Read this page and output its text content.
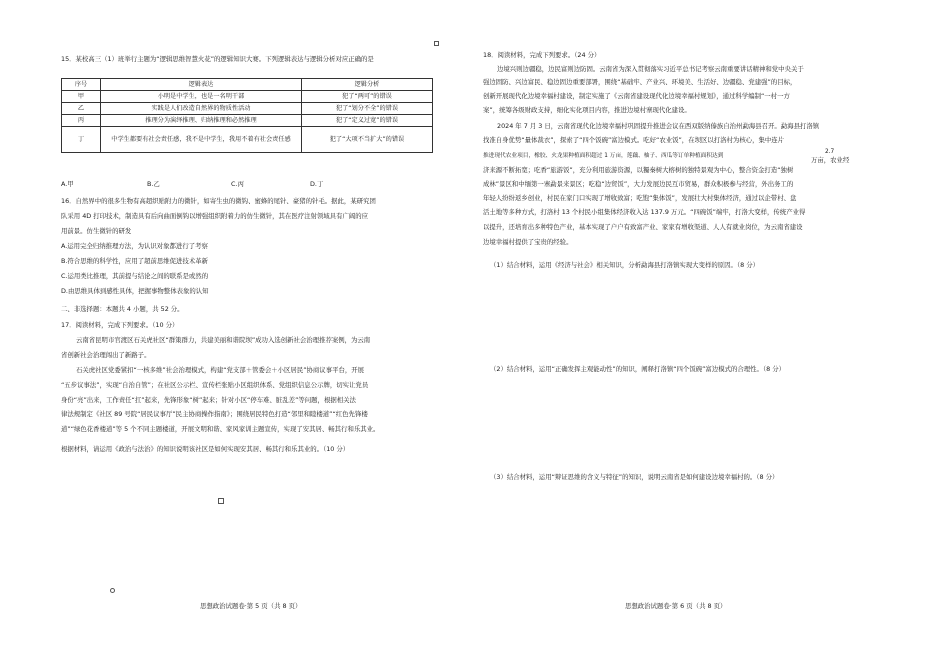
15．某校高三（1）班举行主题为“逻辑思维智慧火花”的逻辑知识大赛。下列逻辑表达与逻辑分析对应正确的是
序号	逻辑表达	逻辑分析
甲	小明是中学生，也是一名明干部	犯了“两可”的错误
乙	实践是人们改造自然界的物质性活动	犯了“划分不全”的错误
丙	推理分为演绎推理、归纳推理和必然推理	犯了“定义过宽”的错误
丁	中学生都要有社会责任感，我不是中学生，我用不着有社会责任感	犯了“大项不当扩大”的错误
A.甲	B.乙	C.丙	D.丁
16．自然界中的很多生物有高超织贴附力的微针，如寄生虫的微钩、蜜蜂的尾针、豪猪的针毛。据此，某研究团
队采用 4D 打印技术，制造具有后向曲面倒钩以增强组织附着力的仿生微针，其在医疗注射领域具有广阔的应
用前景。仿生微针的研发
A.运用完全归纳推理方法，为认识对象都进行了考察
B.符合思维的科学性，应用了超前思维促进技术革新
C.运用类比推理，其前提与结论之间的联系是或然的
D.由思维具体到感性具体，把握事物整体表象的认知
二、非选择题：本题共 4 小题，共 52 分。
17．阅读材料，完成下列要求。（10 分）
云南省昆明市官渡区石关虎社区“群策群力，共建美丽和谐院坝”成功入选创新社会治理推荐案例，为云南
省创新社会治理闯出了新路子。
石关虎社区党委紧扣“一核多维”社会治理模式，构建“党支部＋管委会＋小区居民”协商议事平台，开展
“五步议事法”，实现“自治自管”；在社区公示栏、宣传栏张贴小区组织体系、党组织信息公示牌，切实让党员
身份“亮”出来，工作责任“扛”起来，先锋形象“树”起来；针对小区“停车难、脏乱差”等问题，根据相关法
律法规制定《社区 89 号院“居民议事厅”民主协商操作指南》；围绕居民特色打造“邻里和睦楼道”“红色先锋楼
道”“绿色花香楼道”等 5 个不同主题楼道，开展文明和谐、家风家训主题宣传，实现了安其居、畅其行和乐其业。
根据材料，请运用《政治与法治》的知识说明该社区是如何实现安其居、畅其行和乐其业的。（10 分）
思想政治试题卷·第 5 页（共 8 页）
18．阅读材料，完成下列要求。（24 分）
边境兴则边疆稳，边民富则边防固。云南省为深入贯彻落实习近平总书记考察云南重要讲话精神和党中央关于
强边固防、兴边富民、稳边固边重要部署，围绕“基础牢、产业兴、环境美、生活好、边疆稳、党建强”的目标，
创新开展现代化边境幸福村建设，制定实施了《云南省建设现代化边境幸福村规划》，通过科学编制“一村一方
案”，统筹各级财政支持，细化实化项目内容，推进边境村寨现代化建设。
2024 年 7 月 3 日，云南省现代化边境幸福村巩固提升推进会议在西双版纳傣族自治州勐海县召开。勐海县打洛镇
找准自身优势“量体裁衣”，探索了“四个饭碗”富边模式。吃好“农业饭”，在坝区以打洛村为核心，集中连片
2.7
万亩，农业经
推进现代农业项目，橡胶、火龙果种植面积超过 1 万亩，莲藕、柚子、西瓜等订单种植面积达到
济来源不断拓宽；吃香“旅游饭”，充分利用旅游资源，以獨秦树大榕树的独特景观为中心，整合资金打造“独树
成林”景区和中缅第一寨勐景来景区；吃稳“边贸饭”，大力发展边民互市贸易，群众积极参与经营，外出务工的
年轻人纷纷返乡创业，村民在家门口实现了增收致富；吃饱“集体饭”，发展壮大村集体经济，通过以企带村、盘
活土地等多种方式，打洛村 13 个村民小组集体经济收入达 137.9 万元。“四碗饭”端牢，打洛大变样，传统产业得
以提升，还培育出多种特色产业，基本实现了户户有致富产业、家家有增收渠道、人人有就业岗位，为云南省建设
边境幸福村提供了宝贵的经验。
（1）结合材料，运用《经济与社会》相关知识，分析勐海县打洛镇实现大变样的原因。（8 分）
（2）结合材料，运用“正确发挥主观能动性”的知识，阐释打洛镇“四个饭碗”富边模式的合理性。（8 分）
（3）结合材料，运用“辩证思维的含义与特征”的知识，说明云南省是如何建设边境幸福村的。（8 分）
思想政治试题卷·第 6 页（共 8 页）
